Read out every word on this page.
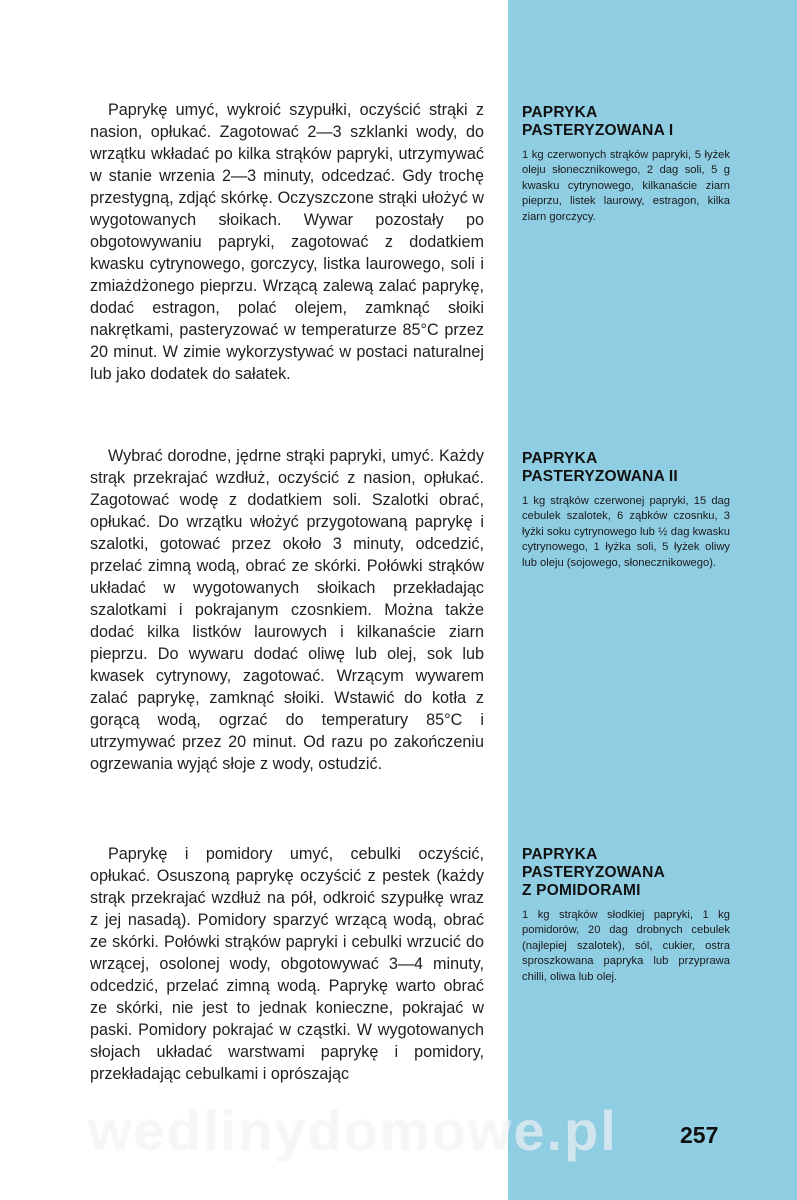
Paprykę umyć, wykroić szypułki, oczyścić strąki z nasion, opłukać. Zagotować 2—3 szklanki wody, do wrzątku wkładać po kilka strąków papryki, utrzymywać w stanie wrzenia 2—3 minuty, odcedzać. Gdy trochę przestygną, zdjąć skórkę. Oczyszczone strąki ułożyć w wygotowanych słoikach. Wywar pozostały po obgotowywaniu papryki, zagotować z dodatkiem kwasku cytrynowego, gorczycy, listka laurowego, soli i zmiażdżonego pieprzu. Wrzącą zalewą zalać paprykę, dodać estragon, polać olejem, zamknąć słoiki nakrętkami, pasteryzować w temperaturze 85°C przez 20 minut. W zimie wykorzystywać w postaci naturalnej lub jako dodatek do sałatek.

PAPRYKA
PASTERYZOWANA I

1 kg czerwonych strąków papryki, 5 łyżek oleju słonecznikowego, 2 dag soli, 5 g kwasku cytrynowego, kilkanaście ziarn pieprzu, listek laurowy, estragon, kilka ziarn gorczycy.

Wybrać dorodne, jędrne strąki papryki, umyć. Każdy strąk przekrajać wzdłuż, oczyścić z nasion, opłukać. Zagotować wodę z dodatkiem soli. Szalotki obrać, opłukać. Do wrzątku włożyć przygotowaną paprykę i szalotki, gotować przez około 3 minuty, odcedzić, przelać zimną wodą, obrać ze skórki. Połówki strąków układać w wygotowanych słoikach przekładając szalotkami i pokrajanym czosnkiem. Można także dodać kilka listków laurowych i kilkanaście ziarn pieprzu. Do wywaru dodać oliwę lub olej, sok lub kwasek cytrynowy, zagotować. Wrzącym wywarem zalać paprykę, zamknąć słoiki. Wstawić do kotła z gorącą wodą, ogrzać do temperatury 85°C i utrzymywać przez 20 minut. Od razu po zakończeniu ogrzewania wyjąć słoje z wody, ostudzić.

PAPRYKA
PASTERYZOWANA II

1 kg strąków czerwonej papryki, 15 dag cebulek szalotek, 6 ząbków czosnku, 3 łyżki soku cytrynowego lub ½ dag kwasku cytrynowego, 1 łyżka soli, 5 łyżek oliwy lub oleju (sojowego, słonecznikowego).

Paprykę i pomidory umyć, cebulki oczyścić, opłukać. Osuszoną paprykę oczyścić z pestek (każdy strąk przekrajać wzdłuż na pół, odkroić szypułkę wraz z jej nasadą). Pomidory sparzyć wrzącą wodą, obrać ze skórki. Połówki strąków papryki i cebulki wrzucić do wrzącej, osolonej wody, obgotowywać 3—4 minuty, odcedzić, przelać zimną wodą. Paprykę warto obrać ze skórki, nie jest to jednak konieczne, pokrajać w paski. Pomidory pokrajać w cząstki. W wygotowanych słojach układać warstwami paprykę i pomidory, przekładając cebulkami i oprószając

PAPRYKA
PASTERYZOWANA
Z POMIDORAMI

1 kg strąków słodkiej papryki, 1 kg pomidorów, 20 dag drobnych cebulek (najlepiej szalotek), sól, cukier, ostra sproszkowana papryka lub przyprawa chilli, oliwa lub olej.

wedlinydomowe.pl	257
